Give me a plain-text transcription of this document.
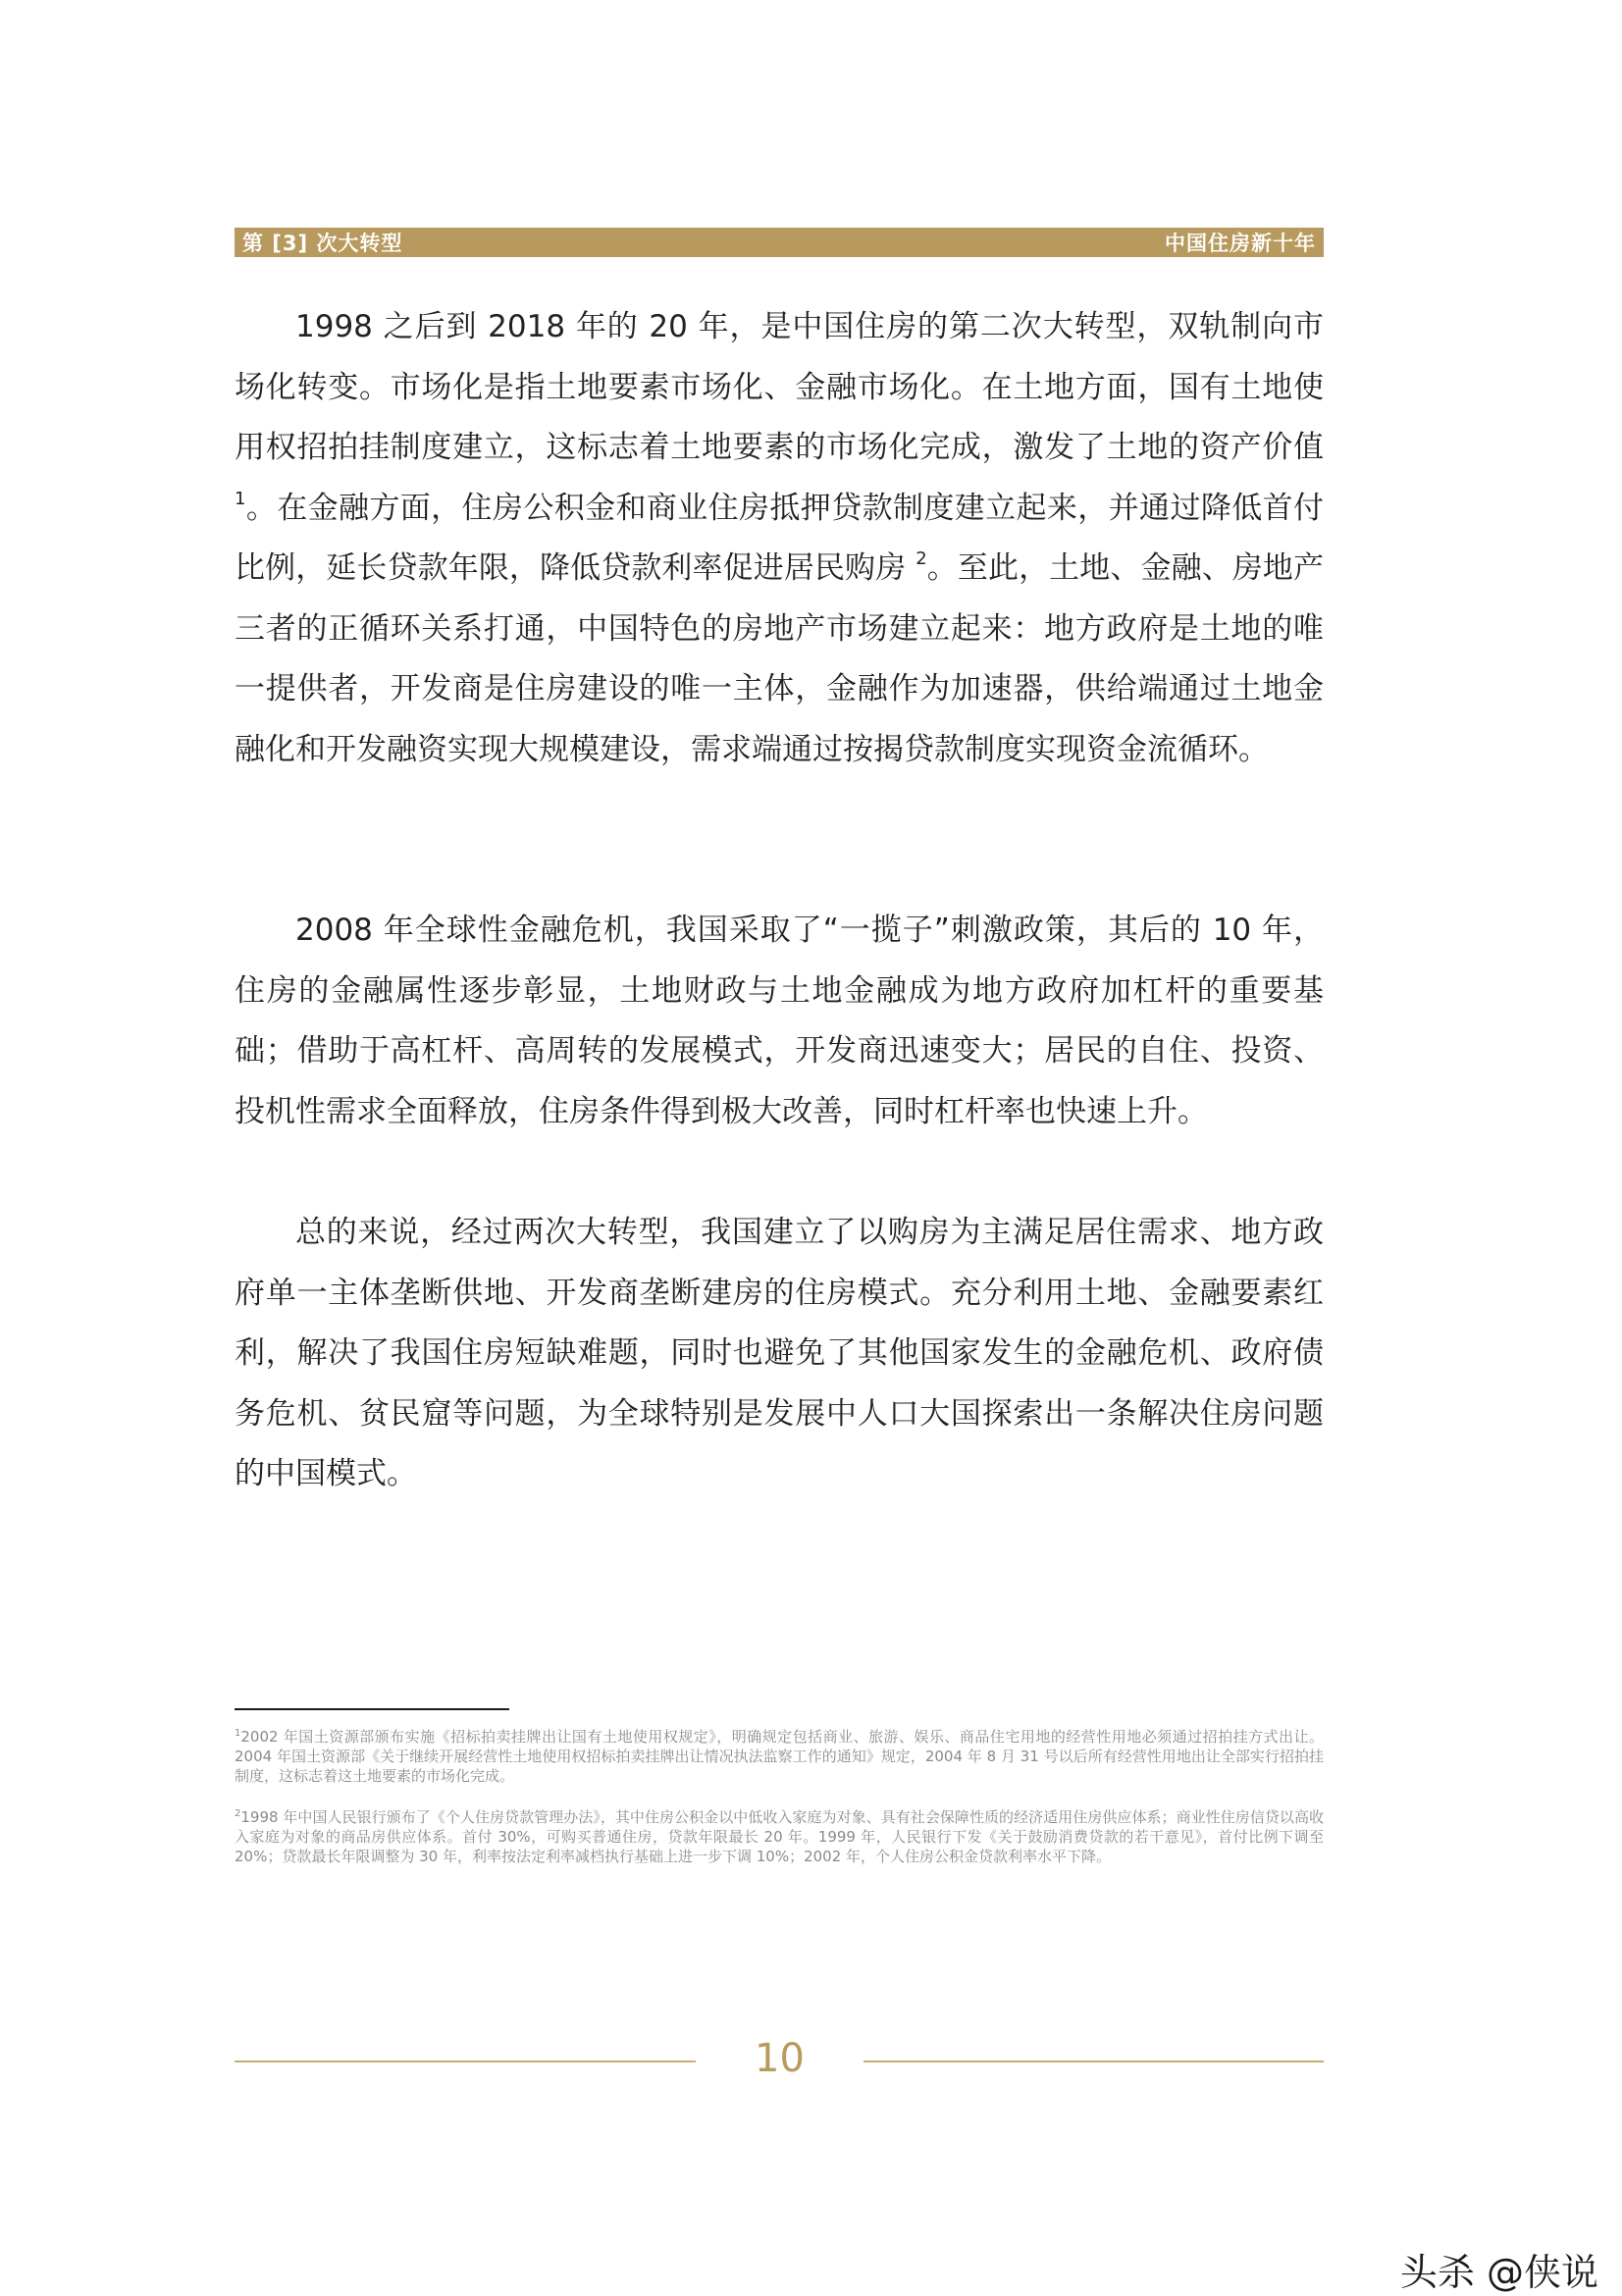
第 [3] 次大转型	中国住房新十年

1998 之后到 2018 年的 20 年，是中国住房的第二次大转型，双轨制向市场化转变。市场化是指土地要素市场化、金融市场化。在土地方面，国有土地使用权招拍挂制度建立，这标志着土地要素的市场化完成，激发了土地的资产价值$^1$。在金融方面，住房公积金和商业住房抵押贷款制度建立起来，并通过降低首付比例，延长贷款年限，降低贷款利率促进居民购房 $^2$。至此，土地、金融、房地产三者的正循环关系打通，中国特色的房地产市场建立起来：地方政府是土地的唯一提供者，开发商是住房建设的唯一主体，金融作为加速器，供给端通过土地金融化和开发融资实现大规模建设，需求端通过按揭贷款制度实现资金流循环。

2008 年全球性金融危机，我国采取了“一揽子”刺激政策，其后的 10 年，住房的金融属性逐步彰显，土地财政与土地金融成为地方政府加杠杆的重要基础；借助于高杠杆、高周转的发展模式，开发商迅速变大；居民的自住、投资、投机性需求全面释放，住房条件得到极大改善，同时杠杆率也快速上升。

总的来说，经过两次大转型，我国建立了以购房为主满足居住需求、地方政府单一主体垄断供地、开发商垄断建房的住房模式。充分利用土地、金融要素红利，解决了我国住房短缺难题，同时也避免了其他国家发生的金融危机、政府债务危机、贫民窟等问题，为全球特别是发展中人口大国探索出一条解决住房问题的中国模式。

$^1$2002 年国土资源部颁布实施《招标拍卖挂牌出让国有土地使用权规定》，明确规定包括商业、旅游、娱乐、商品住宅用地的经营性用地必须通过招拍挂方式出让。2004 年国土资源部《关于继续开展经营性土地使用权招标拍卖挂牌出让情况执法监察工作的通知》规定，2004 年 8 月 31 号以后所有经营性用地出让全部实行招拍挂制度，这标志着这土地要素的市场化完成。

$^2$1998 年中国人民银行颁布了《个人住房贷款管理办法》，其中住房公积金以中低收入家庭为对象、具有社会保障性质的经济适用住房供应体系；商业性住房信贷以高收入家庭为对象的商品房供应体系。首付 30%，可购买普通住房，贷款年限最长 20 年。1999 年，人民银行下发《关于鼓励消费贷款的若干意见》，首付比例下调至 20%；贷款最长年限调整为 30 年，利率按法定利率减档执行基础上进一步下调 10%；2002 年，个人住房公积金贷款利率水平下降。

10
头杀 @侠说
